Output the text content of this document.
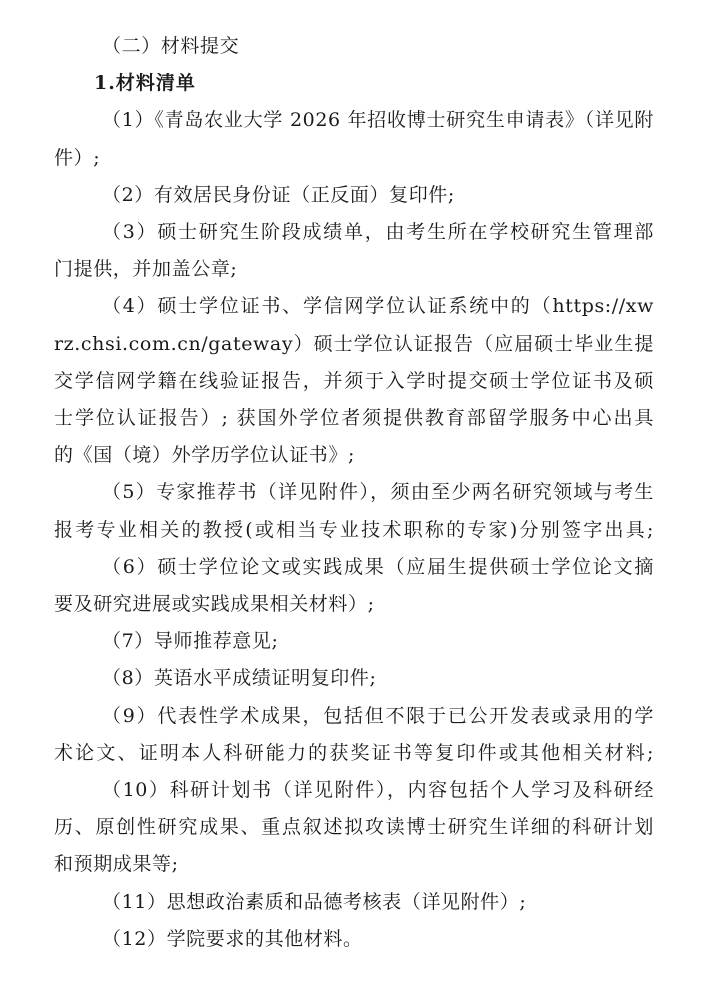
（二）材料提交

1.材料清单

（1）《青岛农业大学 2026 年招收博士研究生申请表》（详见附

件）;

（2）有效居民身份证（正反面）复印件;

（3）硕士研究生阶段成绩单，由考生所在学校研究生管理部

门提供，并加盖公章;

（4）硕士学位证书、学信网学位认证系统中的（https://xw

rz.chsi.com.cn/gateway）硕士学位认证报告（应届硕士毕业生提

交学信网学籍在线验证报告，并须于入学时提交硕士学位证书及硕

士学位认证报告）; 获国外学位者须提供教育部留学服务中心出具

的《国（境）外学历学位认证书》;

（5）专家推荐书（详见附件），须由至少两名研究领域与考生

报考专业相关的教授(或相当专业技术职称的专家)分别签字出具;

（6）硕士学位论文或实践成果（应届生提供硕士学位论文摘

要及研究进展或实践成果相关材料）;

（7）导师推荐意见;

（8）英语水平成绩证明复印件;

（9）代表性学术成果，包括但不限于已公开发表或录用的学

术论文、证明本人科研能力的获奖证书等复印件或其他相关材料;

（10）科研计划书（详见附件），内容包括个人学习及科研经

历、原创性研究成果、重点叙述拟攻读博士研究生详细的科研计划

和预期成果等;

（11）思想政治素质和品德考核表（详见附件）;

（12）学院要求的其他材料。
